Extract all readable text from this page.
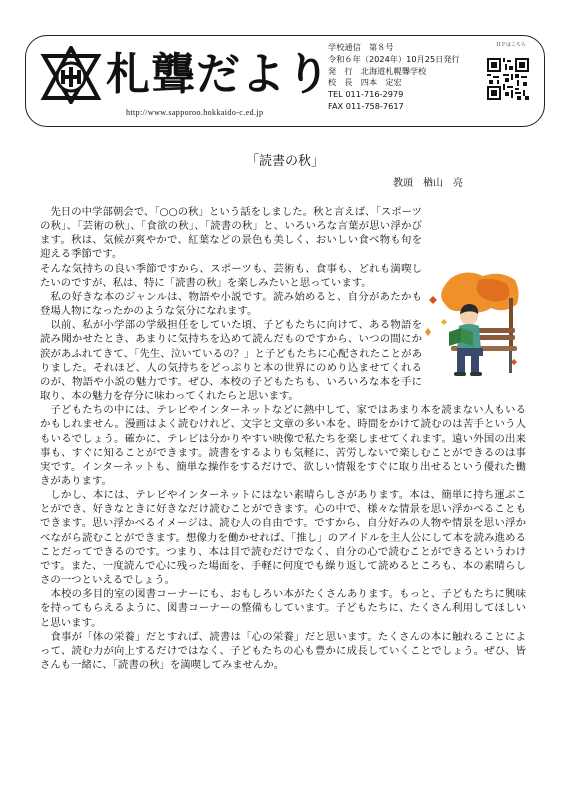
札聾だより
http://www.sapporoo.hokkaido-c.ed.jp
学校通信　第８号
令和６年（2024年）10月25日発行
発　行　北海道札幌聾学校
校　長　四本　定宏
TEL 011-716-2979
FAX 011-758-7617
ＨＰはこちら
「読書の秋」
教頭　楢山　亮

先日の中学部朝会で、「○○の秋」という話をしました。秋と言えば、「スポーツの秋」、「芸術の秋」、「食欲の秋」、「読書の秋」と、いろいろな言葉が思い浮かびます。秋は、気候が爽やかで、紅葉などの景色も美しく、おいしい食べ物も旬を迎える季節です。

そんな気持ちの良い季節ですから、スポーツも、芸術も、食事も、どれも満喫したいのですが、私は、特に「読書の秋」を楽しみたいと思っています。

私の好きな本のジャンルは、物語や小説です。読み始めると、自分があたかも登場人物になったかのような気分になれます。

以前、私が小学部の学級担任をしていた頃、子どもたちに向けて、ある物語を読み聞かせたとき、あまりに気持ちを込めて読んだものですから、いつの間にか涙があふれてきて、「先生、泣いているの？」と子どもたちに心配されたことがありました。それほど、人の気持ちをどっぷりと本の世界にのめり込ませてくれるのが、物語や小説の魅力です。ぜひ、本校の子どもたちも、いろいろな本を手に取り、本の魅力を存分に味わってくれたらと思います。

子どもたちの中には、テレビやインターネットなどに熱中して、家ではあまり本を読まない人もいるかもしれません。漫画はよく読むけれど、文字と文章の多い本を、時間をかけて読むのは苦手という人もいるでしょう。確かに、テレビは分かりやすい映像で私たちを楽しませてくれます。遠い外国の出来事も、すぐに知ることができます。読書をするよりも気軽に、苦労しないで楽しむことができるのは事実です。インターネットも、簡単な操作をするだけで、欲しい情報をすぐに取り出せるという優れた働きがあります。

しかし、本には、テレビやインターネットにはない素晴らしさがあります。本は、簡単に持ち運ぶことができ、好きなときに好きなだけ読むことができます。心の中で、様々な情景を思い浮かべることもできます。思い浮かべるイメージは、読む人の自由です。ですから、自分好みの人物や情景を思い浮かべながら読むことができます。想像力を働かせれば、「推し」のアイドルを主人公にして本を読み進めることだってできるのです。つまり、本は目で読むだけでなく、自分の心で読むことができるというわけです。また、一度読んで心に残った場面を、手軽に何度でも繰り返して読めるところも、本の素晴らしさの一つといえるでしょう。

本校の多目的室の図書コーナーにも、おもしろい本がたくさんあります。もっと、子どもたちに興味を持ってもらえるように、図書コーナーの整備もしています。子どもたちに、たくさん利用してほしいと思います。

食事が「体の栄養」だとすれば、読書は「心の栄養」だと思います。たくさんの本に触れることによって、読む力が向上するだけではなく、子どもたちの心も豊かに成長していくことでしょう。ぜひ、皆さんも一緒に、「読書の秋」を満喫してみませんか。
